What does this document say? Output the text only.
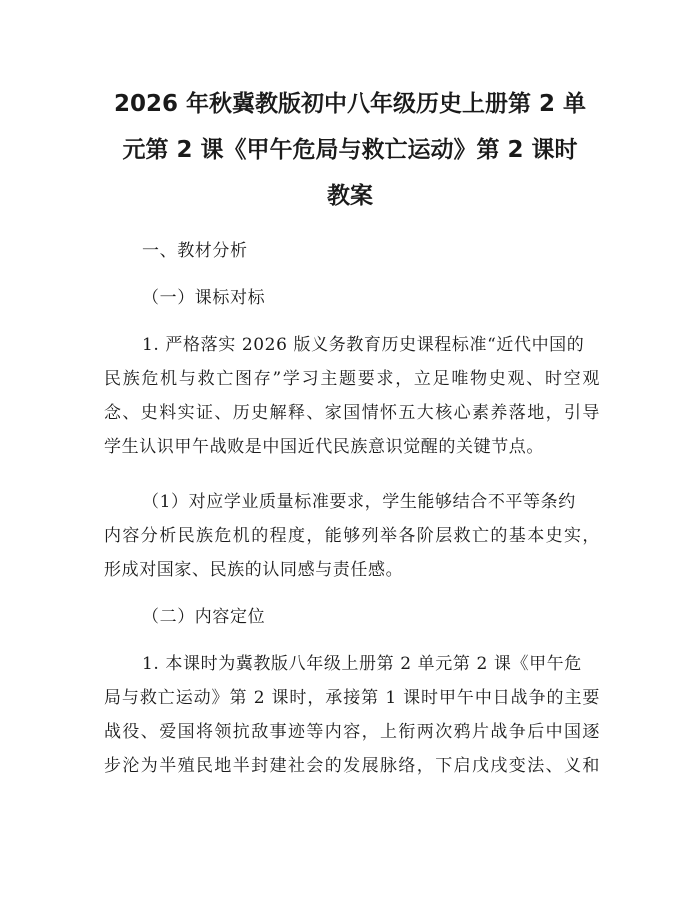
2026 年秋冀教版初中八年级历史上册第 2 单
元第 2 课《甲午危局与救亡运动》第 2 课时
教案

一、教材分析

（一）课标对标

1. 严格落实 2026 版义务教育历史课程标准“近代中国的

民族危机与救亡图存”学习主题要求，立足唯物史观、时空观

念、史料实证、历史解释、家国情怀五大核心素养落地，引导

学生认识甲午战败是中国近代民族意识觉醒的关键节点。

（1）对应学业质量标准要求，学生能够结合不平等条约

内容分析民族危机的程度，能够列举各阶层救亡的基本史实，

形成对国家、民族的认同感与责任感。

（二）内容定位

1. 本课时为冀教版八年级上册第 2 单元第 2 课《甲午危

局与救亡运动》第 2 课时，承接第 1 课时甲午中日战争的主要

战役、爱国将领抗敌事迹等内容，上衔两次鸦片战争后中国逐

步沦为半殖民地半封建社会的发展脉络，下启戊戌变法、义和
